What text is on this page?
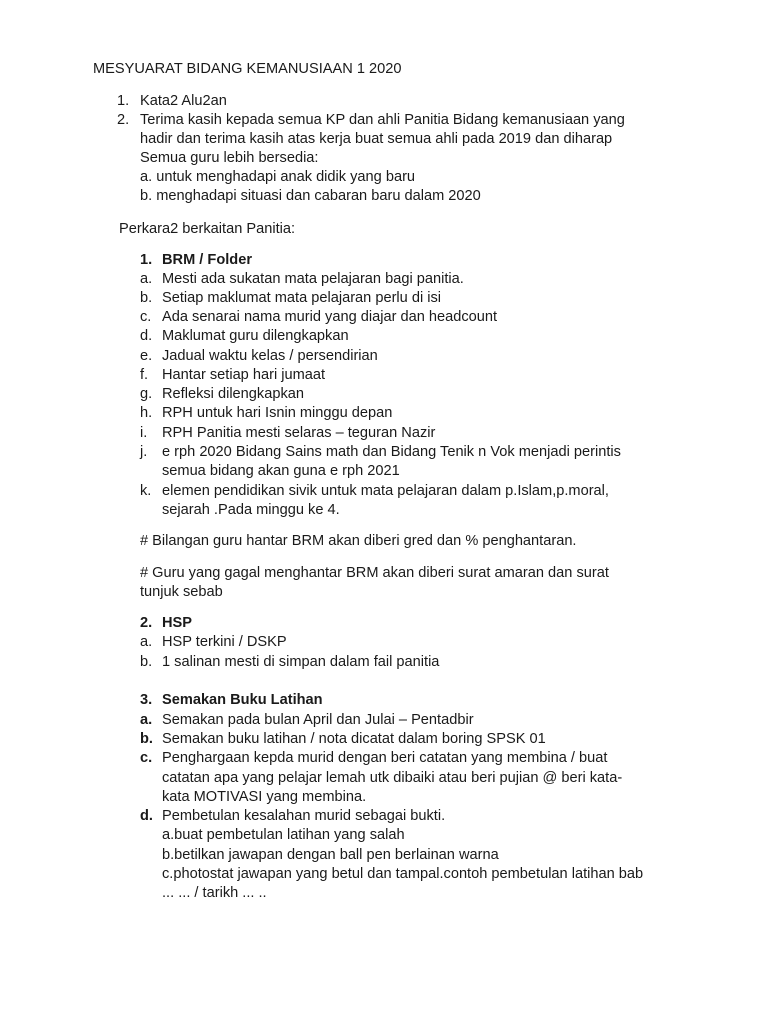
MESYUARAT BIDANG KEMANUSIAAN 1 2020
1. Kata2 Alu2an
2. Terima kasih kepada semua KP dan ahli Panitia Bidang kemanusiaan yang
hadir dan terima kasih atas kerja buat semua ahli pada 2019 dan diharap
Semua guru lebih bersedia:
a. untuk menghadapi anak didik yang baru
b. menghadapi situasi dan cabaran baru dalam 2020
Perkara2 berkaitan Panitia:
1. BRM / Folder
a. Mesti ada sukatan mata pelajaran bagi panitia.
b. Setiap maklumat mata pelajaran perlu di isi
c. Ada senarai nama murid yang diajar dan headcount
d. Maklumat guru dilengkapkan
e. Jadual waktu kelas / persendirian
f. Hantar setiap hari jumaat
g. Refleksi dilengkapkan
h. RPH untuk hari Isnin minggu depan
i. RPH Panitia mesti selaras – teguran Nazir
j. e rph 2020 Bidang Sains math dan Bidang Tenik n Vok menjadi perintis
semua bidang akan guna e rph 2021
k. elemen pendidikan sivik untuk mata pelajaran dalam p.Islam,p.moral,
sejarah .Pada minggu ke 4.
# Bilangan guru hantar BRM akan diberi gred dan % penghantaran.
# Guru yang gagal menghantar BRM akan diberi surat amaran dan surat
tunjuk sebab
2. HSP
a. HSP terkini / DSKP
b. 1 salinan mesti di simpan dalam fail panitia
3. Semakan Buku Latihan
a. Semakan pada bulan April dan Julai – Pentadbir
b. Semakan buku latihan / nota dicatat dalam boring SPSK 01
c. Penghargaan kepda murid dengan beri catatan yang membina / buat
catatan apa yang pelajar lemah utk dibaiki atau beri pujian @ beri kata-
kata MOTIVASI yang membina.
d. Pembetulan kesalahan murid sebagai bukti.
a.buat pembetulan latihan yang salah
b.betilkan jawapan dengan ball pen berlainan warna
c.photostat jawapan yang betul dan tampal.contoh pembetulan latihan bab
... ... / tarikh ... ..
